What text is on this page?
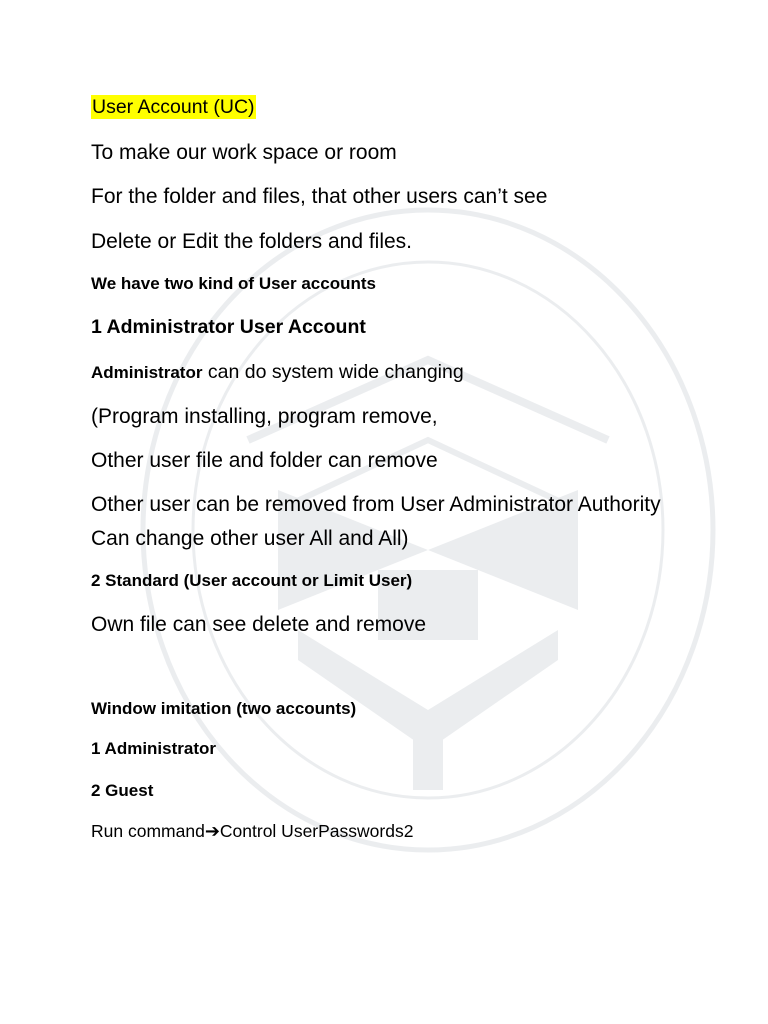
User Account (UC)
To make our work space or room
For the folder and files, that other users can’t see
Delete or Edit the folders and files.
We have two kind of User accounts
1 Administrator User Account
Administrator can do system wide changing
(Program installing, program remove,
Other user file and folder can remove
Other user can be removed from User Administrator Authority
Can change other user All and All)
2 Standard (User account or Limit User)
Own file can see delete and remove
Window imitation (two accounts)
1 Administrator
2 Guest
Run command➔Control UserPasswords2
